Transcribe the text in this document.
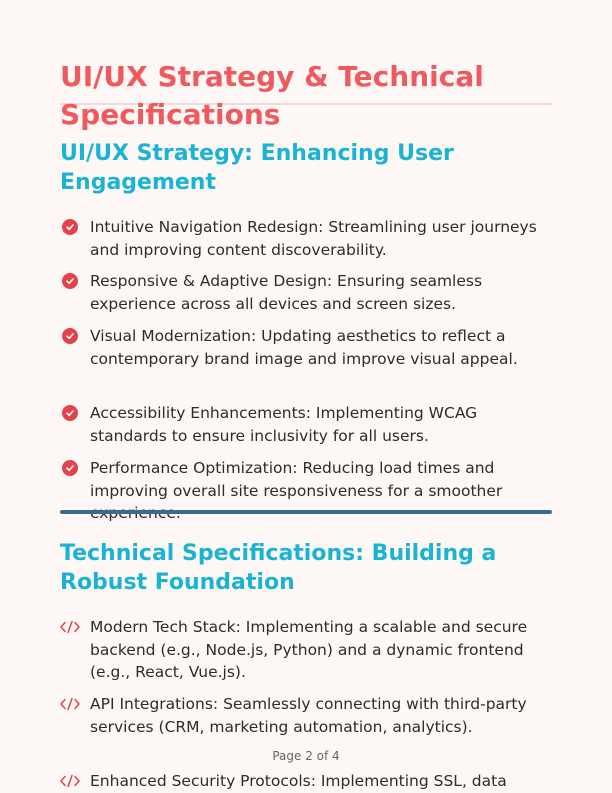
UI/UX Strategy & Technical Specifications
UI/UX Strategy: Enhancing User Engagement
Intuitive Navigation Redesign: Streamlining user journeys and improving content discoverability.
Responsive & Adaptive Design: Ensuring seamless experience across all devices and screen sizes.
Visual Modernization: Updating aesthetics to reflect a contemporary brand image and improve visual appeal.
Accessibility Enhancements: Implementing WCAG standards to ensure inclusivity for all users.
Performance Optimization: Reducing load times and improving overall site responsiveness for a smoother
Technical Specifications: Building a Robust Foundation
Modern Tech Stack: Implementing a scalable and secure backend (e.g., Node.js, Python) and a dynamic frontend (e.g., React, Vue.js).
API Integrations: Seamlessly connecting with third-party services (CRM, marketing automation, analytics).
Page 2 of 4
Enhanced Security Protocols: Implementing SSL, data
